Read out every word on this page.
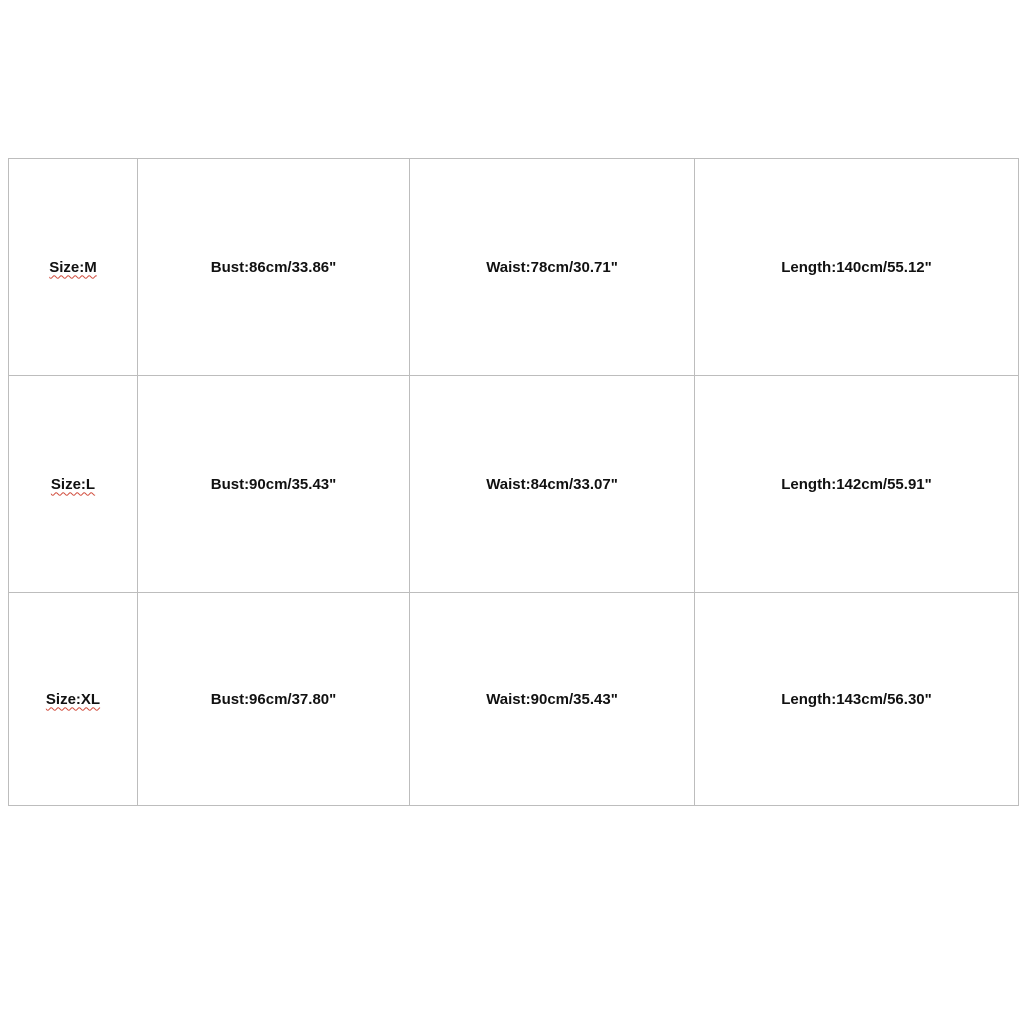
Size:M	Bust:86cm/33.86"	Waist:78cm/30.71"	Length:140cm/55.12"
Size:L	Bust:90cm/35.43"	Waist:84cm/33.07"	Length:142cm/55.91"
Size:XL	Bust:96cm/37.80"	Waist:90cm/35.43"	Length:143cm/56.30"
